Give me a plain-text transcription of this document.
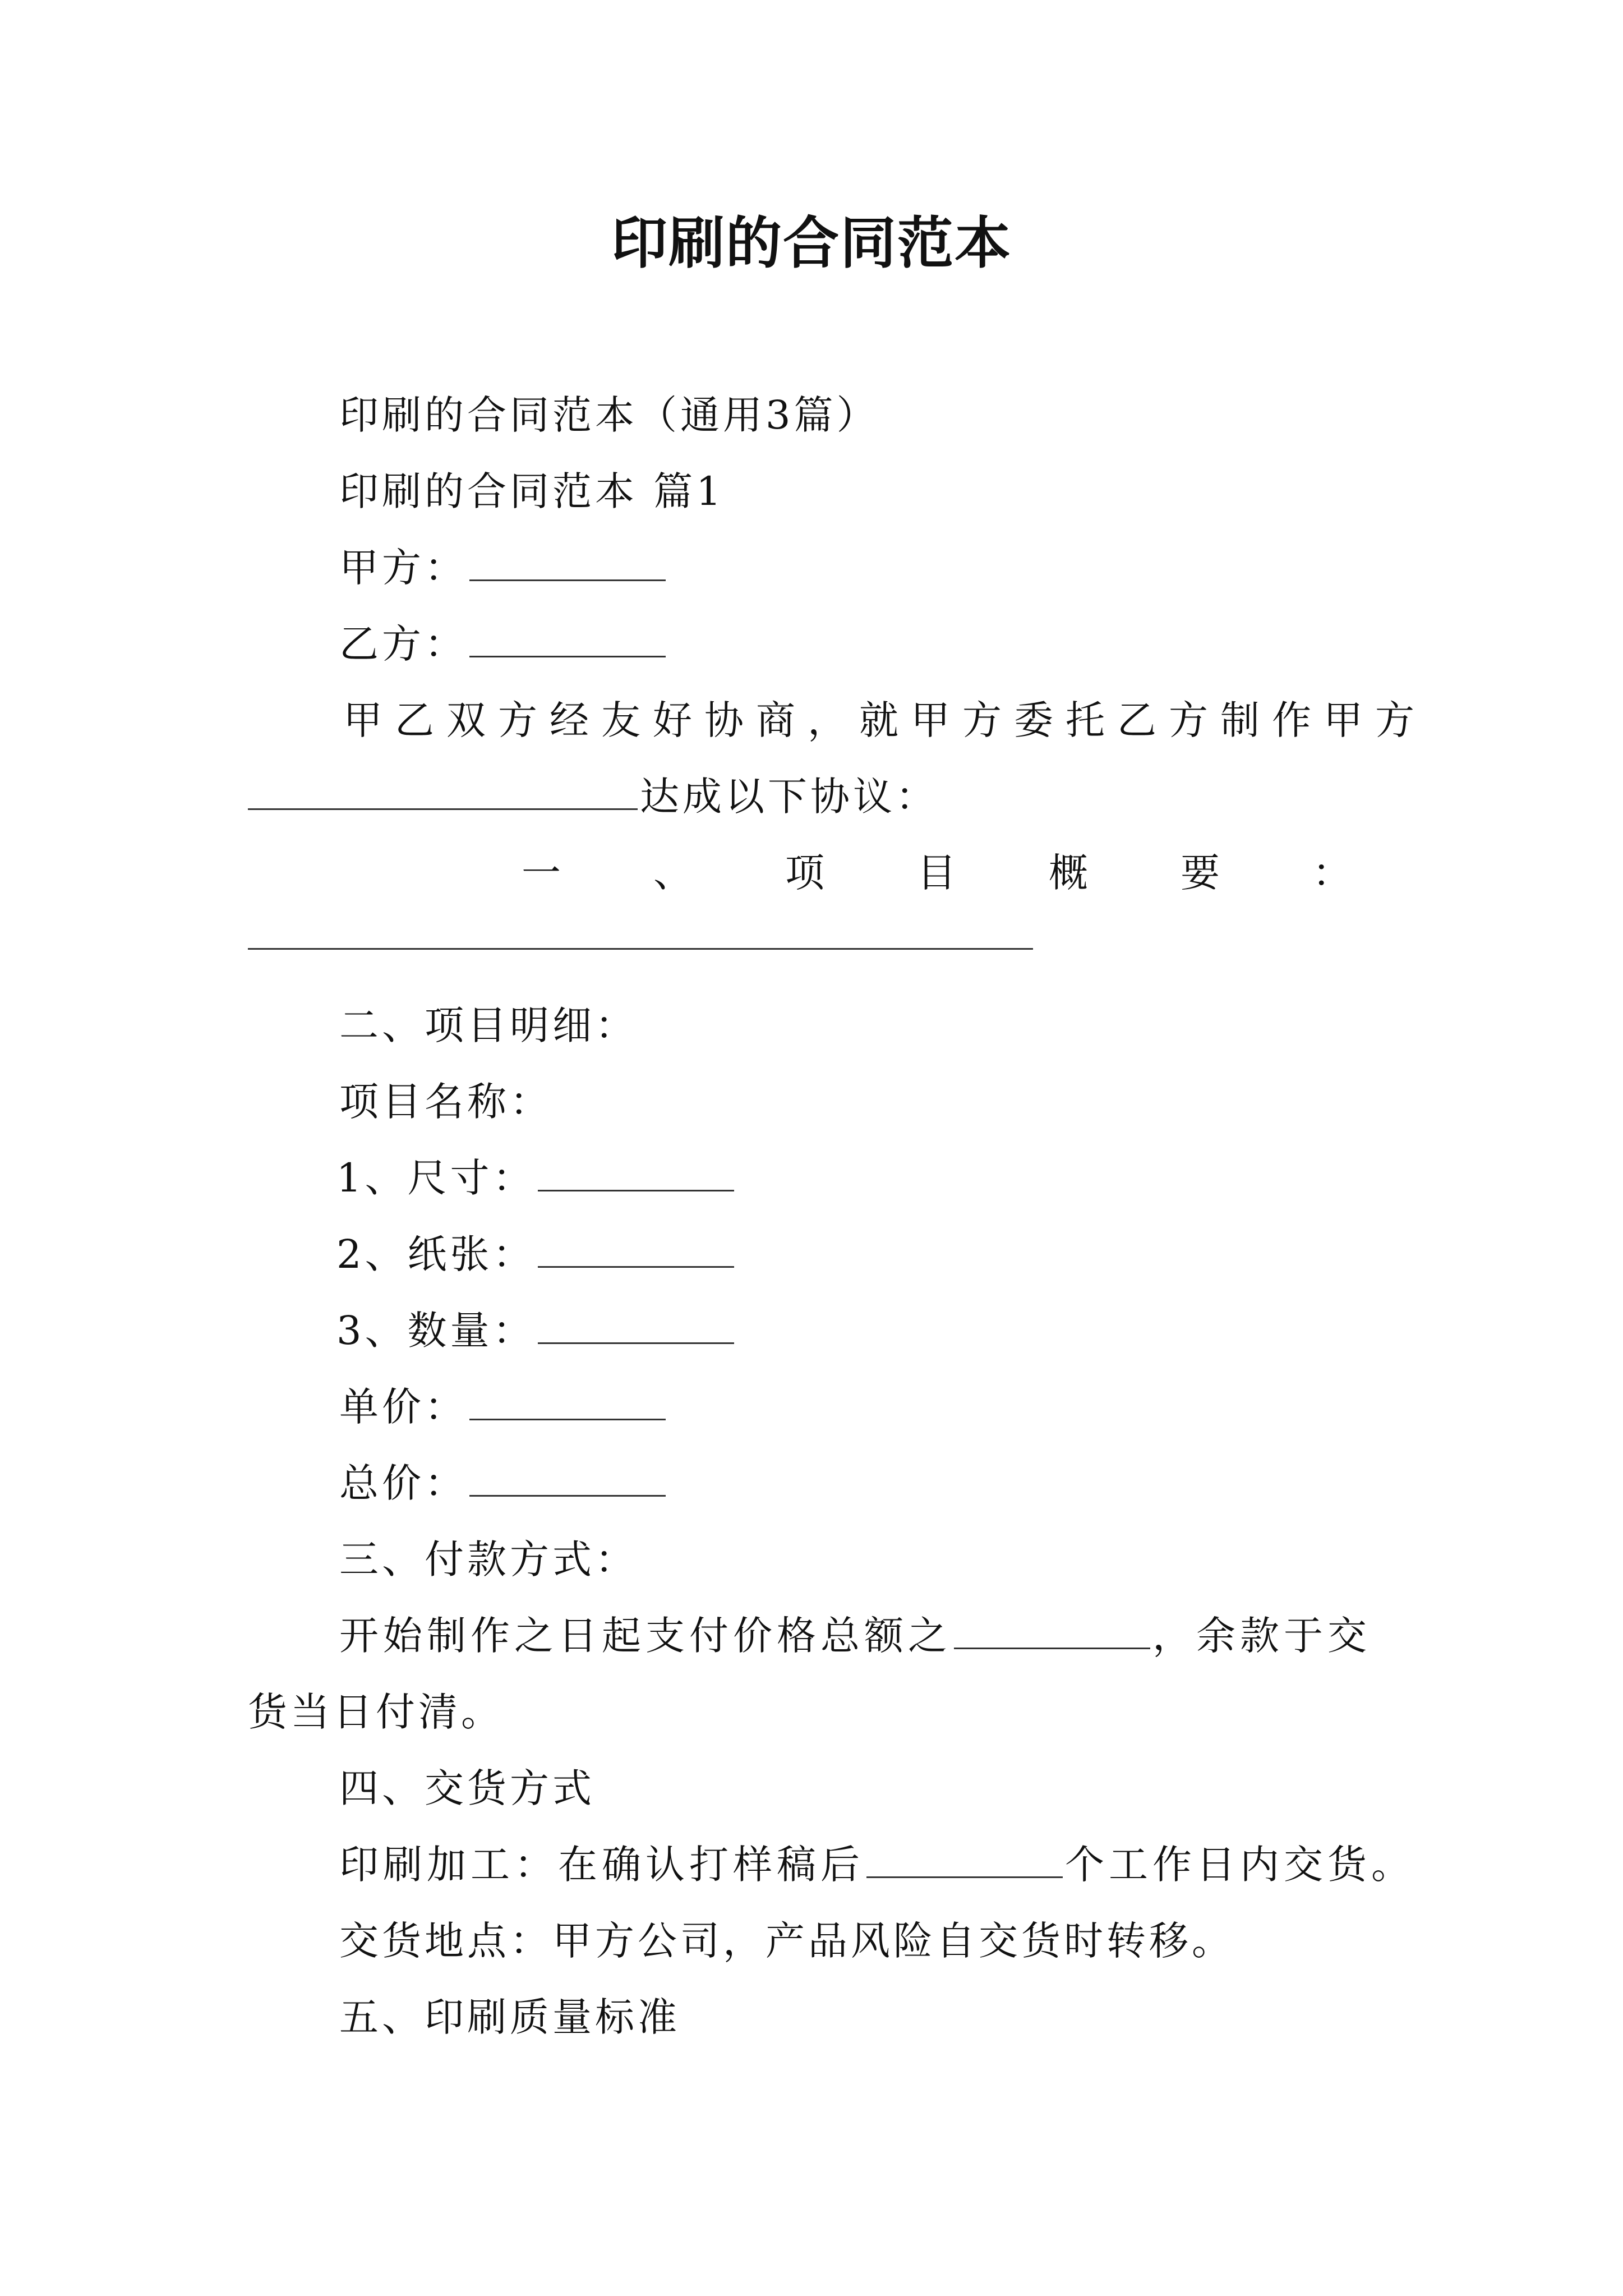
印刷的合同范本
印刷的合同范本（通用3篇）
印刷的合同范本 篇1
甲方：
乙方：
甲乙双方经友好协商，就甲方委托乙方制作甲方
达成以下协议：
一 、 项 目 概 要 ：
二、项目明细：
项目名称：
1、尺寸：
2、纸张：
3、数量：
单价：
总价：
三、付款方式：
开始制作之日起支付价格总额之	，余款于交
货当日付清。
四、交货方式
印刷加工：在确认打样稿后	个工作日内交货。
交货地点：甲方公司，产品风险自交货时转移。
五、印刷质量标准
